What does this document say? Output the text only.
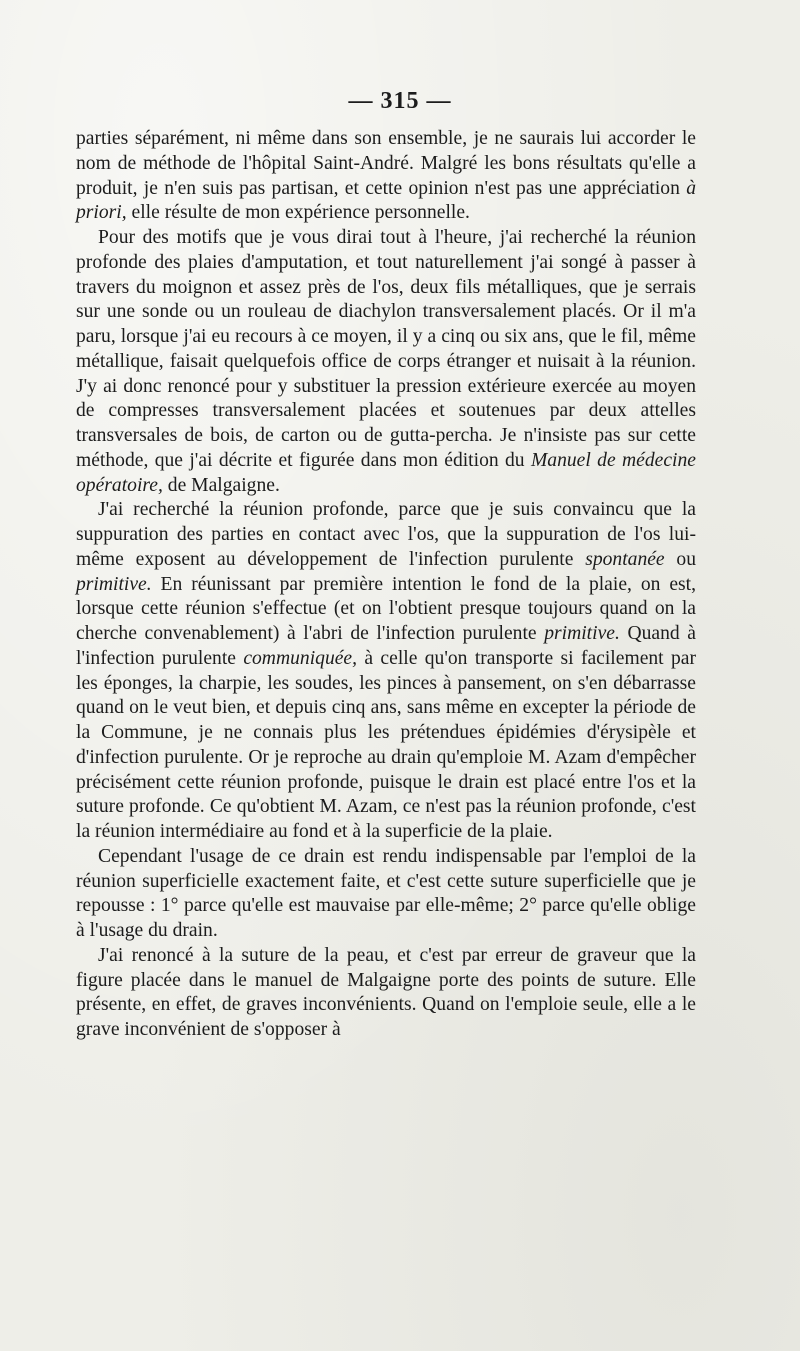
— 315 —

parties séparément, ni même dans son ensemble, je ne saurais lui accorder le nom de méthode de l'hôpital Saint-André. Malgré les bons résultats qu'elle a produit, je n'en suis pas partisan, et cette opinion n'est pas une appréciation à priori, elle résulte de mon expérience personnelle.

Pour des motifs que je vous dirai tout à l'heure, j'ai recherché la réunion profonde des plaies d'amputation, et tout naturellement j'ai songé à passer à travers du moignon et assez près de l'os, deux fils métalliques, que je serrais sur une sonde ou un rouleau de diachylon transversalement placés. Or il m'a paru, lorsque j'ai eu recours à ce moyen, il y a cinq ou six ans, que le fil, même métallique, faisait quelquefois office de corps étranger et nuisait à la réunion. J'y ai donc renoncé pour y substituer la pression extérieure exercée au moyen de compresses transversalement placées et soutenues par deux attelles transversales de bois, de carton ou de gutta-percha. Je n'insiste pas sur cette méthode, que j'ai décrite et figurée dans mon édition du Manuel de médecine opératoire, de Malgaigne.

J'ai recherché la réunion profonde, parce que je suis convaincu que la suppuration des parties en contact avec l'os, que la suppuration de l'os lui-même exposent au développement de l'infection purulente spontanée ou primitive. En réunissant par première intention le fond de la plaie, on est, lorsque cette réunion s'effectue (et on l'obtient presque toujours quand on la cherche convenablement) à l'abri de l'infection purulente primitive. Quand à l'infection purulente communiquée, à celle qu'on transporte si facilement par les éponges, la charpie, les soudes, les pinces à pansement, on s'en débarrasse quand on le veut bien, et depuis cinq ans, sans même en excepter la période de la Commune, je ne connais plus les prétendues épidémies d'érysipèle et d'infection purulente. Or je reproche au drain qu'emploie M. Azam d'empêcher précisément cette réunion profonde, puisque le drain est placé entre l'os et la suture profonde. Ce qu'obtient M. Azam, ce n'est pas la réunion profonde, c'est la réunion intermédiaire au fond et à la superficie de la plaie.

Cependant l'usage de ce drain est rendu indispensable par l'emploi de la réunion superficielle exactement faite, et c'est cette suture superficielle que je repousse : 1° parce qu'elle est mauvaise par elle-même; 2° parce qu'elle oblige à l'usage du drain.

J'ai renoncé à la suture de la peau, et c'est par erreur de graveur que la figure placée dans le manuel de Malgaigne porte des points de suture. Elle présente, en effet, de graves inconvénients. Quand on l'emploie seule, elle a le grave inconvénient de s'opposer à
